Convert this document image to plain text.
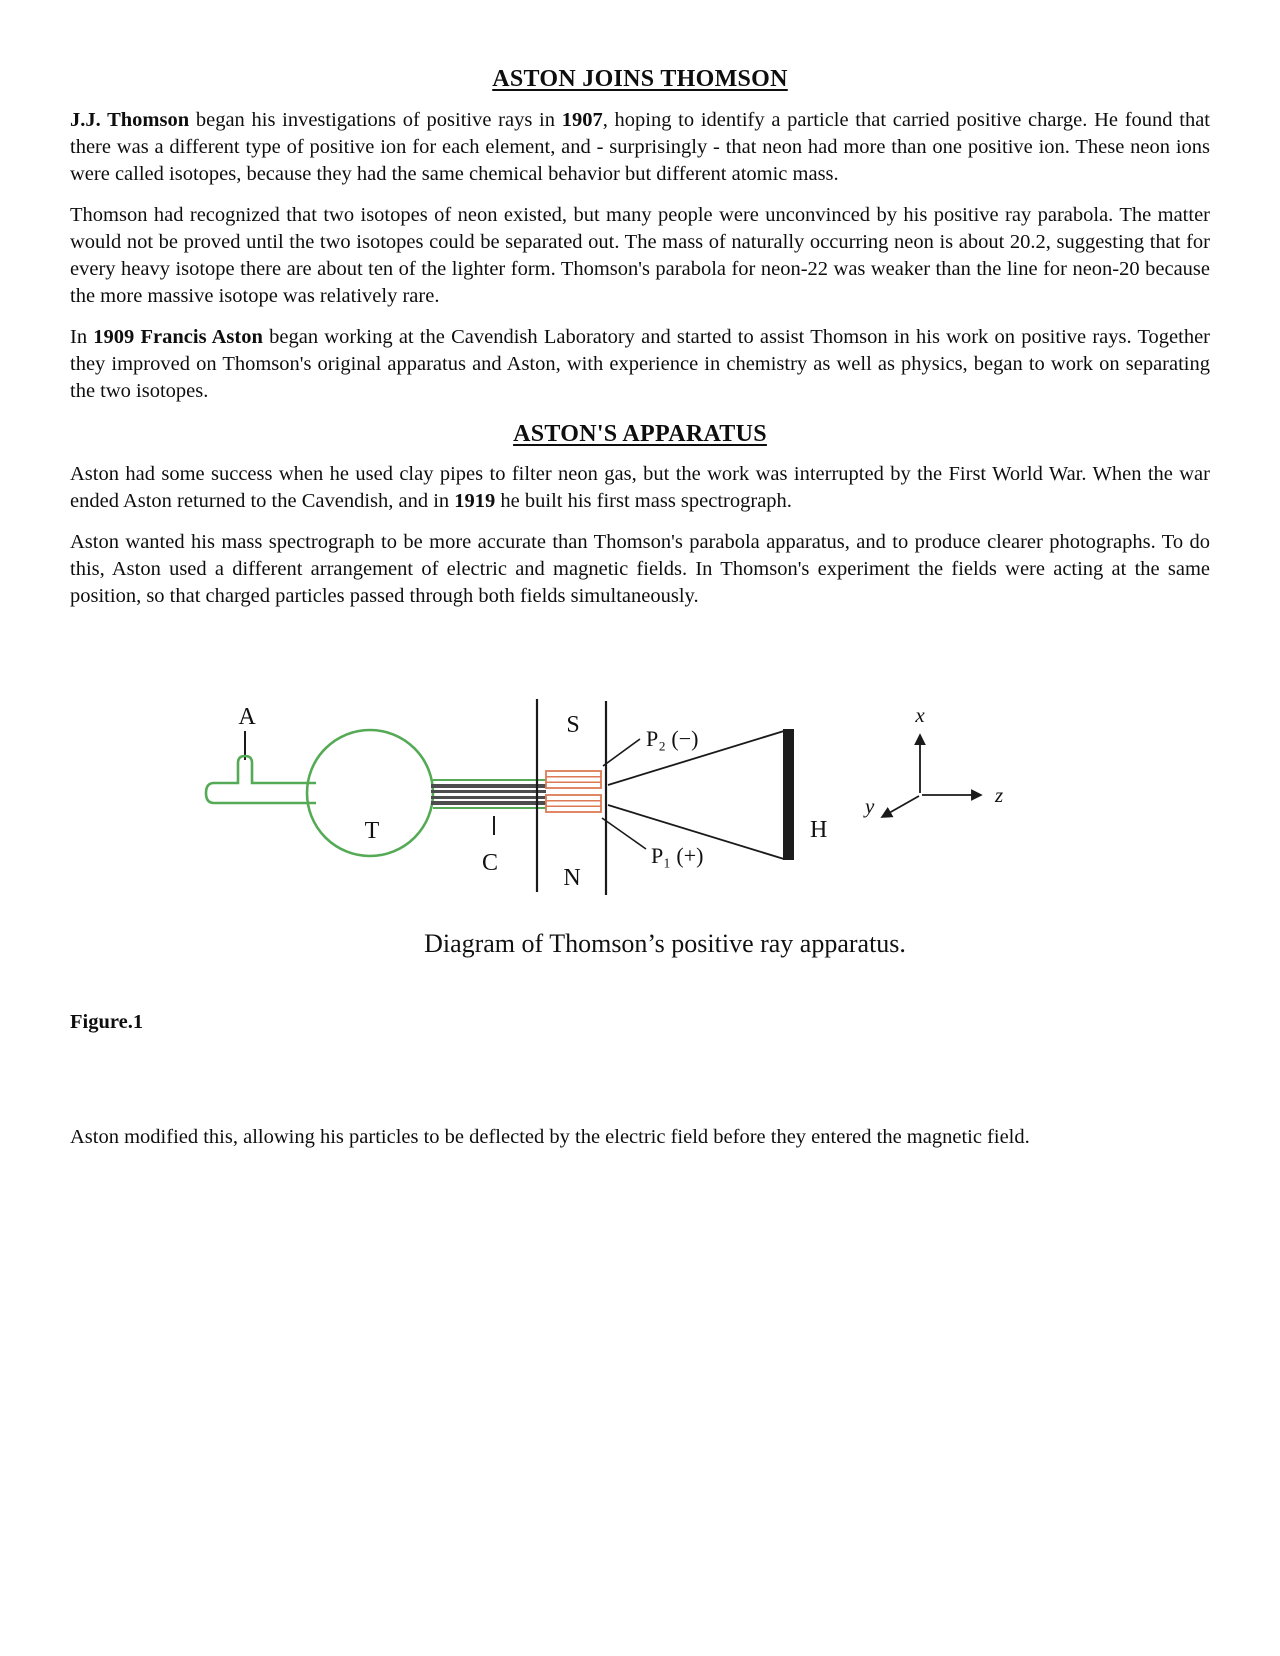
ASTON JOINS THOMSON

J.J. Thomson began his investigations of positive rays in 1907, hoping to identify a particle that carried positive charge. He found that there was a different type of positive ion for each element, and - surprisingly - that neon had more than one positive ion. These neon ions were called isotopes, because they had the same chemical behavior but different atomic mass.

Thomson had recognized that two isotopes of neon existed, but many people were unconvinced by his positive ray parabola. The matter would not be proved until the two isotopes could be separated out. The mass of naturally occurring neon is about 20.2, suggesting that for every heavy isotope there are about ten of the lighter form. Thomson's parabola for neon-22 was weaker than the line for neon-20 because the more massive isotope was relatively rare.

In 1909 Francis Aston began working at the Cavendish Laboratory and started to assist Thomson in his work on positive rays. Together they improved on Thomson's original apparatus and Aston, with experience in chemistry as well as physics, began to work on separating the two isotopes.

ASTON'S APPARATUS

Aston had some success when he used clay pipes to filter neon gas, but the work was interrupted by the First World War. When the war ended Aston returned to the Cavendish, and in 1919 he built his first mass spectrograph.

Aston wanted his mass spectrograph to be more accurate than Thomson's parabola apparatus, and to produce clearer photographs. To do this, Aston used a different arrangement of electric and magnetic fields. In Thomson's experiment the fields were acting at the same position, so that charged particles passed through both fields simultaneously.

A
T
C
S
N
P₂ (−)
P₁ (+)
H
x
z
y
Diagram of Thomson’s positive ray apparatus.
Figure.1

Aston modified this, allowing his particles to be deflected by the electric field before they entered the magnetic field.
